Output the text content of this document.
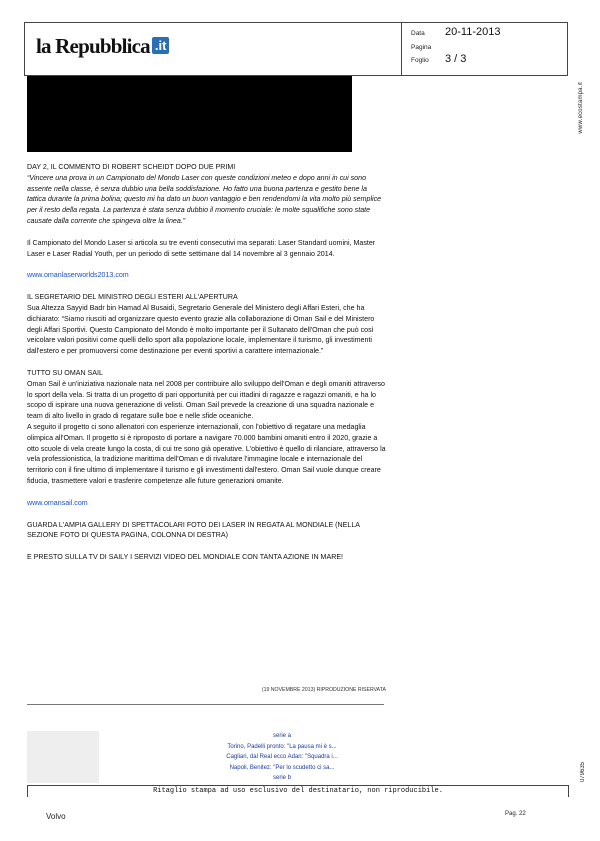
la Repubblica .it
Data 20-11-2013
Pagina
Foglio 3 / 3
www.ecostampa.it
079635

DAY 2, IL COMMENTO DI ROBERT SCHEIDT DOPO DUE PRIMI

“Vincere una prova in un Campionato del Mondo Laser con queste condizioni meteo e dopo anni in cui sono assente nella classe, è senza dubbio una bella soddisfazione. Ho fatto una buona partenza e gestito bene la tattica durante la prima bolina; questo mi ha dato un buon vantaggio e ben rendendomi la vita molto più semplice per il resto della regata. La partenza è stata senza dubbio il momento cruciale: le molte squalifiche sono state causate dalla corrente che spingeva oltre la linea.”

Il Campionato del Mondo Laser si articola su tre eventi consecutivi ma separati: Laser Standard uomini, Master Laser e Laser Radial Youth, per un periodo di sette settimane dal 14 novembre al 3 gennaio 2014.

www.omanlaserworlds2013.com

IL SEGRETARIO DEL MINISTRO DEGLI ESTERI ALL'APERTURA

Sua Altezza Sayyid Badr bin Hamad Al Busaidi, Segretario Generale del Ministero degli Affari Esteri, che ha dichiarato: “Siamo riusciti ad organizzare questo evento grazie alla collaborazione di Oman Sail e del Ministero degli Affari Sportivi. Questo Campionato del Mondo è molto importante per il Sultanato dell'Oman che può così veicolare valori positivi come quelli dello sport alla popolazione locale, implementare il turismo, gli investimenti dall'estero e per promuoversi come destinazione per eventi sportivi a carattere internazionale.”

TUTTO SU OMAN SAIL

Oman Sail è un'iniziativa nazionale nata nel 2008 per contribuire allo sviluppo dell'Oman e degli omaniti attraverso lo sport della vela. Si tratta di un progetto di pari opportunità per cui ittadini di ragazze e ragazzi omaniti, e ha lo scopo di ispirare una nuova generazione di velisti. Oman Sail prevede la creazione di una squadra nazionale e team di alto livello in grado di regatare sulle boe e nelle sfide oceaniche.

A seguito il progetto ci sono allenatori con esperienze internazionali, con l'obiettivo di regatare una medaglia olimpica all'Oman. Il progetto si è riproposto di portare a navigare 70.000 bambini omaniti entro il 2020, grazie a otto scuole di vela create lungo la costa, di cui tre sono già operative. L'obiettivo è quello di rilanciare, attraverso la vela professionistica, la tradizione marittima dell'Oman e di rivalutare l'immagine locale e internazionale del territorio con il fine ultimo di implementare il turismo e gli investimenti dall'estero. Oman Sail vuole dunque creare fiducia, trasmettere valori e trasferire competenze alle future generazioni omanite.

www.omansail.com

GUARDA L'AMPIA GALLERY DI SPETTACOLARI FOTO DEI LASER IN REGATA AL MONDIALE (NELLA SEZIONE FOTO DI QUESTA PAGINA, COLONNA DI DESTRA)

E PRESTO SULLA TV DI SAILY I SERVIZI VIDEO DEL MONDIALE CON TANTA AZIONE IN MARE!

(19 NOVEMBRE 2013) RIPRODUZIONE RISERVATA
serie a
Torino, Padelli pronto: "La pausa mi è s...
Cagliari, dal Real ecco Adan: "Squadra i...
Napoli, Benitez: "Per lo scudetto ci sa...
serie b
Ritaglio stampa ad uso esclusivo del destinatario, non riproducibile.
Volvo	Pag. 22
